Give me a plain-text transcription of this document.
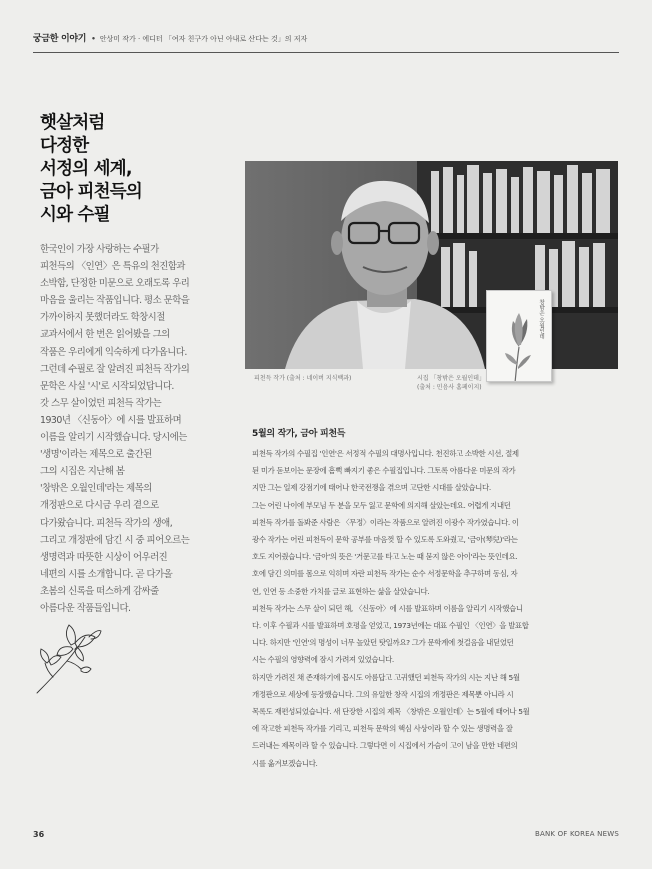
궁금한 이야기 • 안상미 작가 · 에디터 「여자 친구가 아닌 아내로 산다는 것」의 저자
햇살처럼
다정한
서정의 세계,
금아 피천득의
시와 수필
한국인이 가장 사랑하는 수필가
피천득의 〈인연〉은 특유의 천진함과
소박함, 단정한 미문으로 오래도록 우리
마음을 울리는 작품입니다. 평소 문학을
가까이하지 못했더라도 학창시절
교과서에서 한 번은 읽어봤을 그의
작품은 우리에게 익숙하게 다가옵니다.
그런데 수필로 잘 알려진 피천득 작가의
문학은 사실 '시'로 시작되었답니다.
갓 스무 살이었던 피천득 작가는
1930년 〈신동아〉에 시를 발표하며
이름을 알리기 시작했습니다. 당시에는
'생명'이라는 제목으로 출간된
그의 시집은 지난해 봄
'창밖은 오월인데'라는 제목의
개정판으로 다시금 우리 곁으로
다가왔습니다. 피천득 작가의 생애,
그리고 개정판에 담긴 시 중 피어오르는
생명력과 따뜻한 시상이 어우러진
네편의 시를 소개합니다. 곧 다가올
초봄의 신록을 떠스하게 감싸줄
아름다운 작품들입니다.
창밖은 오월인데
피천득 작가 (출처 : 네이버 지식백과)	시집 「창밖은 오월인데」
(출처 : 민음사 홈페이지)
5월의 작가, 금아 피천득
피천득 작가의 수필집 '인연'은 서정적 수필의 대명사입니다. 천진하고 소박한 시선, 절제
된 미가 돋보이는 문장에 흠뻑 빠지기 좋은 수필집입니다. 그토록 아름다운 미문의 작가
지만 그는 일제 강점기에 태어나 한국전쟁을 겪으며 고단한 시대를 살았습니다.
그는 어린 나이에 부모님 두 분을 모두 잃고 문학에 의지해 살았는데요. 어렵게 지내던
피천득 작가를 돌봐준 사람은 〈무정〉이라는 작품으로 알려진 이광수 작가였습니다. 이
광수 작가는 어린 피천득이 문학 공부를 마음껏 할 수 있도록 도와줬고, '금아(琴兒)'라는
호도 지어줬습니다. '금아'의 뜻은 '거문고를 타고 노는 때 묻지 않은 아이'라는 뜻인데요.
호에 담긴 의미를 몸으로 익히며 자란 피천득 작가는 순수 서정문학을 추구하며 동심, 자
연, 인연 등 소중한 가치를 글로 표현하는 삶을 살았습니다.
피천득 작가는 스무 살이 되던 해, 〈신동아〉에 시를 발표하며 이름을 알리기 시작했습니
다. 이후 수필과 시를 발표하며 호평을 얻었고, 1973년에는 대표 수필인 〈인연〉을 발표합
니다. 하지만 '인연'의 명성이 너무 높았던 탓일까요? 그가 문학계에 첫걸음을 내딛었던
시는 수필의 영향력에 잠시 가려져 있었습니다.
하지만 가려진 채 존재하기에 몹시도 아름답고 고귀했던 피천득 작가의 시는 지난 해 5월
개정판으로 세상에 등장했습니다. 그의 유일한 창작 시집의 개정판은 제목뿐 아니라 시
목록도 재편성되었습니다. 새 단장한 시집의 제목 〈창밖은 오월인데〉는 5월에 태어나 5월
에 작고한 피천득 작가를 기리고, 피천득 문학의 핵심 사상이라 할 수 있는 생명력을 잘
드러내는 제목이라 할 수 있습니다. 그렇다면 이 시집에서 가슴이 고이 남을 만한 네편의
시를 옮겨보겠습니다.
36	BANK OF KOREA NEWS
